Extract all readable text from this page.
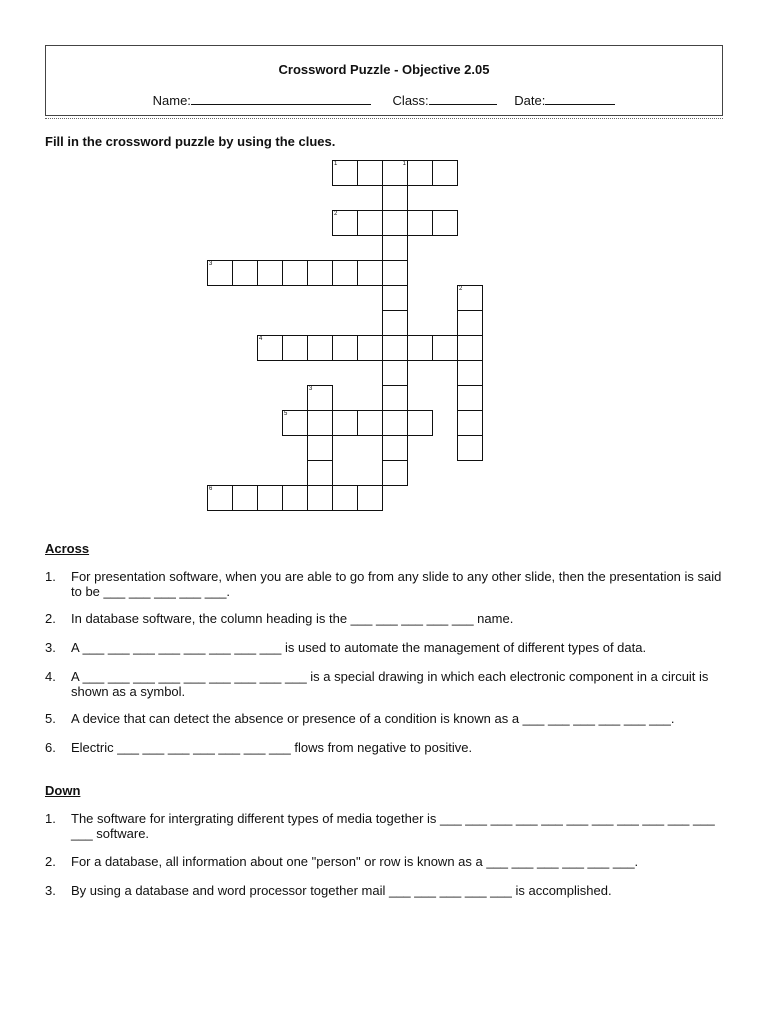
Crossword Puzzle - Objective 2.05
Name:	Class:	Date:
Fill in the crossword puzzle by using the clues.
1	1
2
3
2
4
3
5
6
Across
1. For presentation software, when you are able to go from any slide to any other slide, then the presentation is said to be ___ ___ ___ ___ ___.
2. In database software, the column heading is the ___ ___ ___ ___ ___ name.
3. A ___ ___ ___ ___ ___ ___ ___ ___ is used to automate the management of different types of data.
4. A ___ ___ ___ ___ ___ ___ ___ ___ ___ is a special drawing in which each electronic component in a circuit is shown as a symbol.
5. A device that can detect the absence or presence of a condition is known as a ___ ___ ___ ___ ___ ___.
6. Electric ___ ___ ___ ___ ___ ___ ___ flows from negative to positive.
Down
1. The software for intergrating different types of media together is ___ ___ ___ ___ ___ ___ ___ ___ ___ ___ ___ ___ software.
2. For a database, all information about one "person" or row is known as a ___ ___ ___ ___ ___ ___.
3. By using a database and word processor together mail ___ ___ ___ ___ ___ is accomplished.
